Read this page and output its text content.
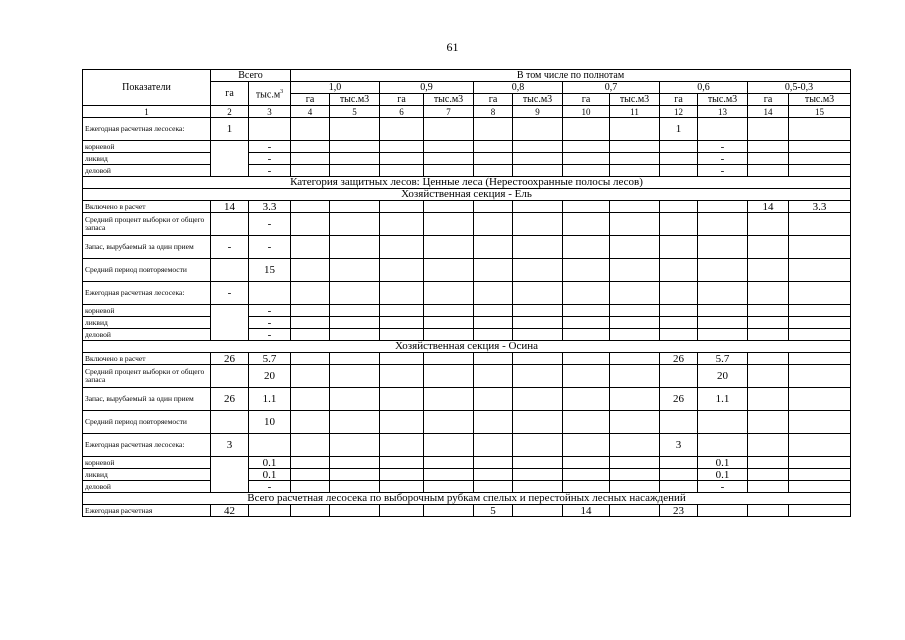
61
Показатели	Всего		В том числе по полнотам											
	га	$тыс.м^3$	1,0		0,9		0,8		0,7		0,6		0,5-0,3	
			га	тыс.м3	га	тыс.м3	га	тыс.м3	га	тыс.м3	га	тыс.м3	га	тыс.м3
1	2	3	4	5	6	7	8	9	10	11	12	13	14	15
Ежегодная расчетная лесосека:	1										1			
корневой		-										-		
ликвид		-										-		
деловой		-										-		
Категория защитных лесов: Ценные леса (Нерестоохранные полосы лесов)														
Хозяйственная секция - Ель														
Включено в расчет	14	3.3											14	3.3
Средний процент выборки от общего запаса		-												
Запас, вырубаемый за один прием	-	-												
Средний период повторяемости		15												
Ежегодная расчетная лесосека:	-													
корневой		-												
ликвид		-												
деловой		-												
Хозяйственная секция - Осина														
Включено в расчет	26	5.7									26	5.7		
Средний процент выборки от общего запаса		20										20		
Запас, вырубаемый за один прием	26	1.1									26	1.1		
Средний период повторяемости		10												
Ежегодная расчетная лесосека:	3										3			
корневой		0.1										0.1		
ликвид		0.1										0.1		
деловой		-										-		
Всего расчетная лесосека по выборочным рубкам спелых и перестойных лесных насаждений														
Ежегодная расчетная	42						5		14		23			
